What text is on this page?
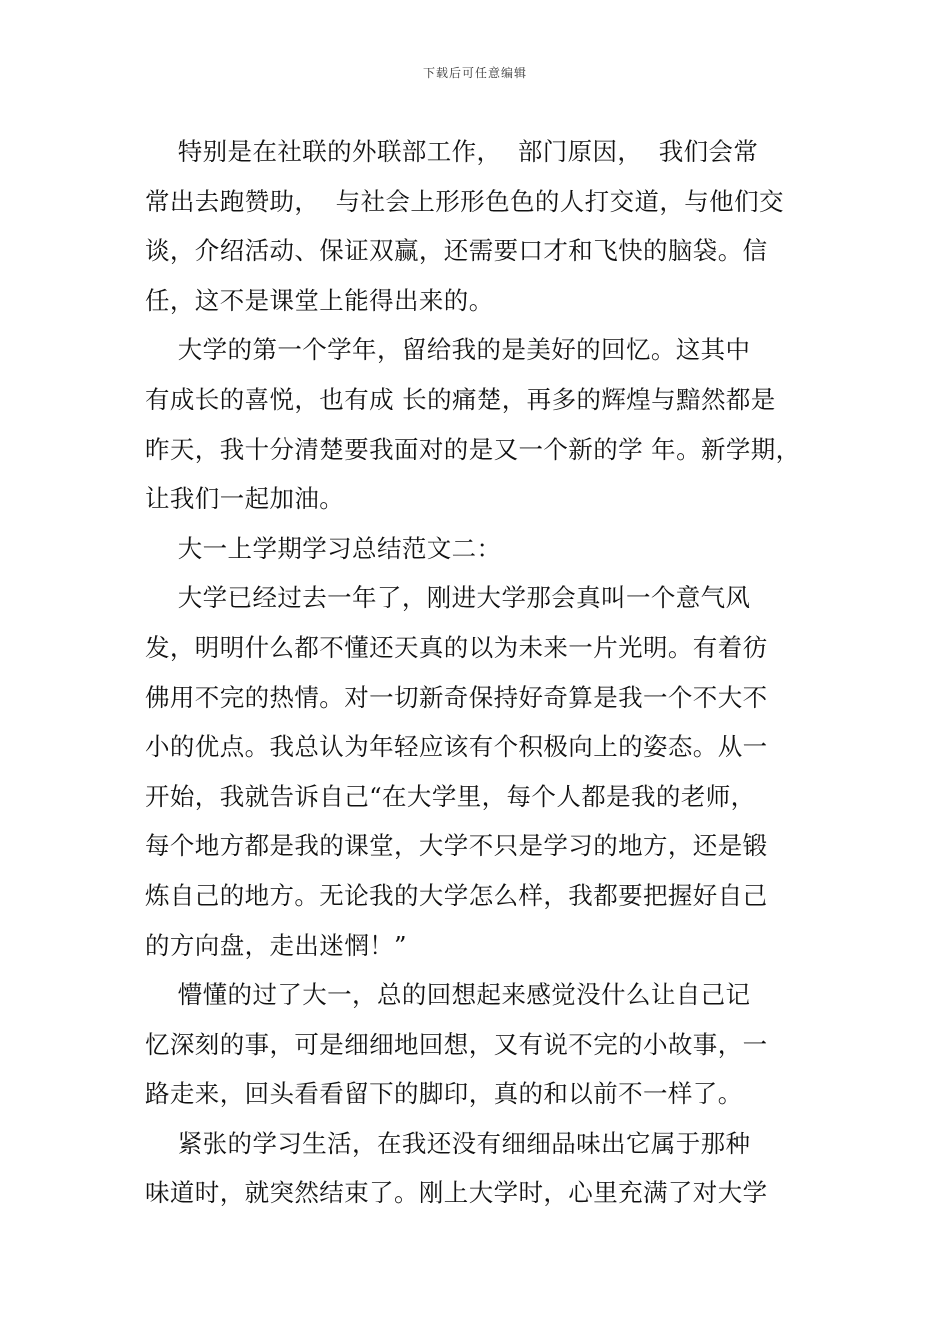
下载后可任意编辑
特别是在社联的外联部工作，  部门原因，  我们会常
常出去跑赞助，  与社会上形形色色的人打交道，与他们交
谈，介绍活动、保证双赢，还需要口才和飞快的脑袋。信
任，这不是课堂上能得出来的。
大学的第一个学年，留给我的是美好的回忆。这其中
有成长的喜悦，也有成 长的痛楚，再多的辉煌与黯然都是
昨天，我十分清楚要我面对的是又一个新的学 年。新学期，
让我们一起加油。
大一上学期学习总结范文二：
大学已经过去一年了，刚进大学那会真叫一个意气风
发，明明什么都不懂还天真的以为未来一片光明。有着彷
佛用不完的热情。对一切新奇保持好奇算是我一个不大不
小的优点。我总认为年轻应该有个积极向上的姿态。从一
开始，我就告诉自己“在大学里，每个人都是我的老师，
每个地方都是我的课堂，大学不只是学习的地方，还是锻
炼自己的地方。无论我的大学怎么样，我都要把握好自己
的方向盘，走出迷惘！”
懵懂的过了大一，总的回想起来感觉没什么让自己记
忆深刻的事，可是细细地回想，又有说不完的小故事，一
路走来，回头看看留下的脚印，真的和以前不一样了。
紧张的学习生活，在我还没有细细品味出它属于那种
味道时，就突然结束了。刚上大学时，心里充满了对大学
